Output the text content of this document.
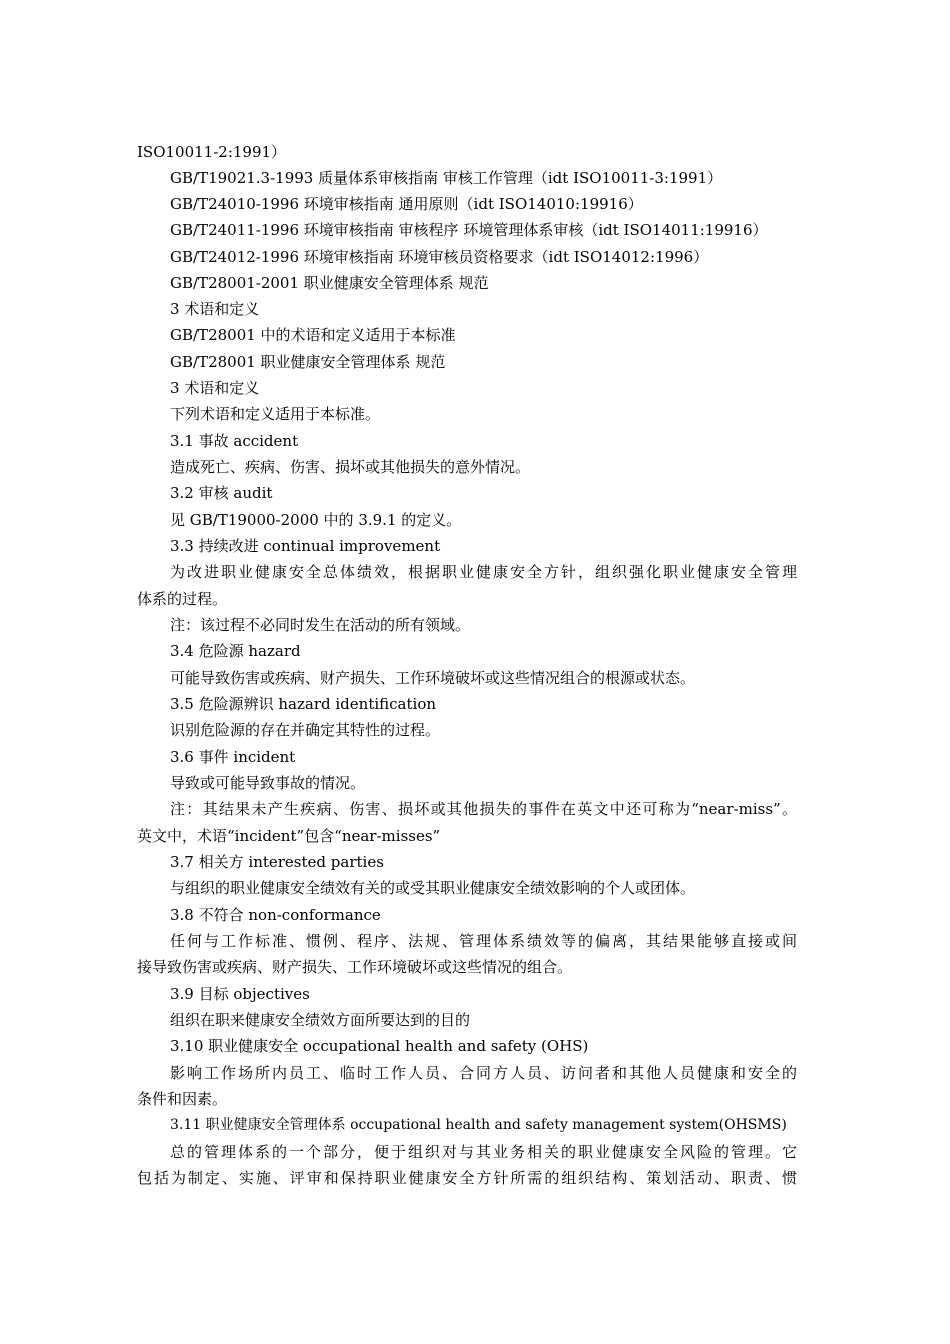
ISO10011-2:1991）
GB/T19021.3-1993 质量体系审核指南 审核工作管理（idt ISO10011-3:1991）
GB/T24010-1996 环境审核指南 通用原则（idt ISO14010:19916）
GB/T24011-1996 环境审核指南 审核程序 环境管理体系审核（idt ISO14011:19916）
GB/T24012-1996 环境审核指南 环境审核员资格要求（idt ISO14012:1996）
GB/T28001-2001 职业健康安全管理体系 规范
3 术语和定义
GB/T28001 中的术语和定义适用于本标准
GB/T28001 职业健康安全管理体系 规范
3 术语和定义
下列术语和定义适用于本标准。
3.1 事故 accident
造成死亡、疾病、伤害、损坏或其他损失的意外情况。
3.2 审核 audit
见 GB/T19000-2000 中的 3.9.1 的定义。
3.3 持续改进 continual improvement
为改进职业健康安全总体绩效，根据职业健康安全方针，组织强化职业健康安全管理
体系的过程。
注：该过程不必同时发生在活动的所有领域。
3.4 危险源 hazard
可能导致伤害或疾病、财产损失、工作环境破坏或这些情况组合的根源或状态。
3.5 危险源辨识 hazard identification
识别危险源的存在并确定其特性的过程。
3.6 事件 incident
导致或可能导致事故的情况。
注：其结果未产生疾病、伤害、损坏或其他损失的事件在英文中还可称为“near-miss”。
英文中，术语“incident”包含“near-misses”
3.7 相关方 interested parties
与组织的职业健康安全绩效有关的或受其职业健康安全绩效影响的个人或团体。
3.8 不符合 non-conformance
任何与工作标准、惯例、程序、法规、管理体系绩效等的偏离，其结果能够直接或间
接导致伤害或疾病、财产损失、工作环境破坏或这些情况的组合。
3.9 目标 objectives
组织在职来健康安全绩效方面所要达到的目的
3.10 职业健康安全 occupational health and safety (OHS)
影响工作场所内员工、临时工作人员、合同方人员、访问者和其他人员健康和安全的
条件和因素。
3.11 职业健康安全管理体系 occupational health and safety management system(OHSMS)
总的管理体系的一个部分，便于组织对与其业务相关的职业健康安全风险的管理。它
包括为制定、实施、评审和保持职业健康安全方针所需的组织结构、策划活动、职责、惯
